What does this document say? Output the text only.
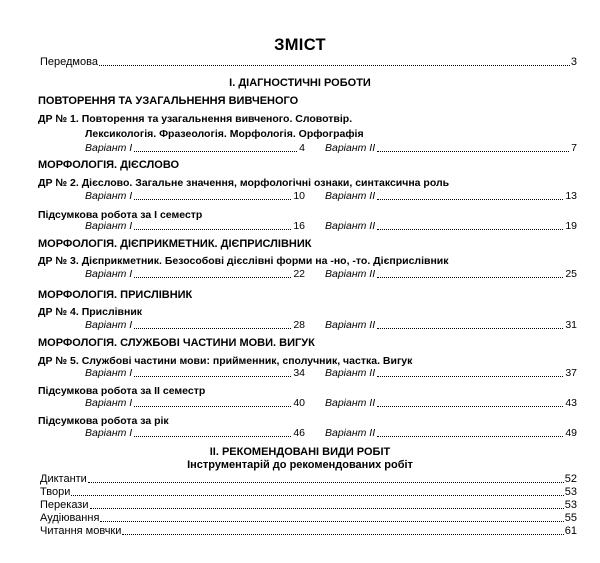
ЗМІСТ
Передмова	3
І. ДІАГНОСТИЧНІ РОБОТИ
ПОВТОРЕННЯ ТА УЗАГАЛЬНЕННЯ ВИВЧЕНОГО
ДР № 1. Повторення та узагальнення вивченого. Словотвір.
Лексикологія. Фразеологія. Морфологія. Орфографія
Варіант І	4 Варіант ІІ	7
МОРФОЛОГІЯ. ДІЄСЛОВО
ДР № 2. Дієслово. Загальне значення, морфологічні ознаки, синтаксична роль
Варіант І	10 Варіант ІІ	13
Підсумкова робота за І семестр
Варіант І	16 Варіант ІІ	19
МОРФОЛОГІЯ. ДІЄПРИКМЕТНИК. ДІЄПРИСЛІВНИК
ДР № 3. Дієприкметник. Безособові дієслівні форми на -но, -то. Дієприслівник
Варіант І	22 Варіант ІІ	25
МОРФОЛОГІЯ. ПРИСЛІВНИК
ДР № 4. Прислівник
Варіант І	28 Варіант ІІ	31
МОРФОЛОГІЯ. СЛУЖБОВІ ЧАСТИНИ МОВИ. ВИГУК
ДР № 5. Службові частини мови: прийменник, сполучник, частка. Вигук
Варіант І	34 Варіант ІІ	37
Підсумкова робота за ІІ семестр
Варіант І	40 Варіант ІІ	43
Підсумкова робота за рік
Варіант І	46 Варіант ІІ	49
ІІ. РЕКОМЕНДОВАНІ ВИДИ РОБІТ
Інструментарій до рекомендованих робіт
Диктанти	52
Твори	53
Перекази	53
Аудіювання	55
Читання мовчки	61
